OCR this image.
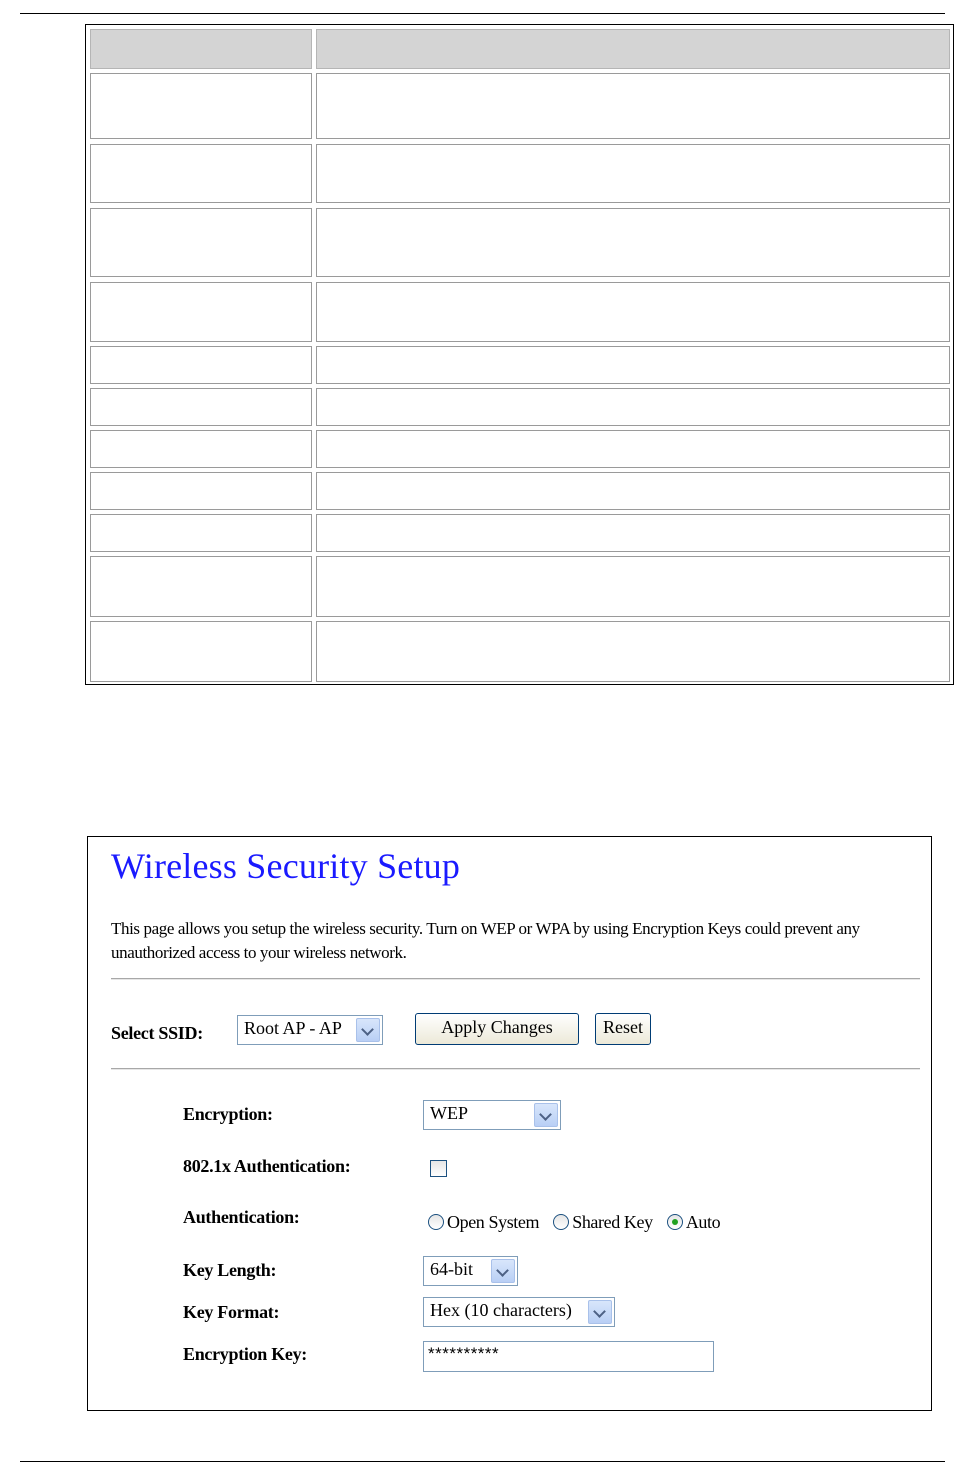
Wireless Security Setup
This page allows you setup the wireless security. Turn on WEP or WPA by using Encryption Keys could prevent any unauthorized access to your wireless network.
Select SSID:	Root AP - AP	Apply Changes	Reset
Encryption:	WEP
802.1x Authentication:
Authentication:	Open System Shared Key Auto
Key Length:	64-bit
Key Format:	Hex (10 characters)
Encryption Key:	**********
